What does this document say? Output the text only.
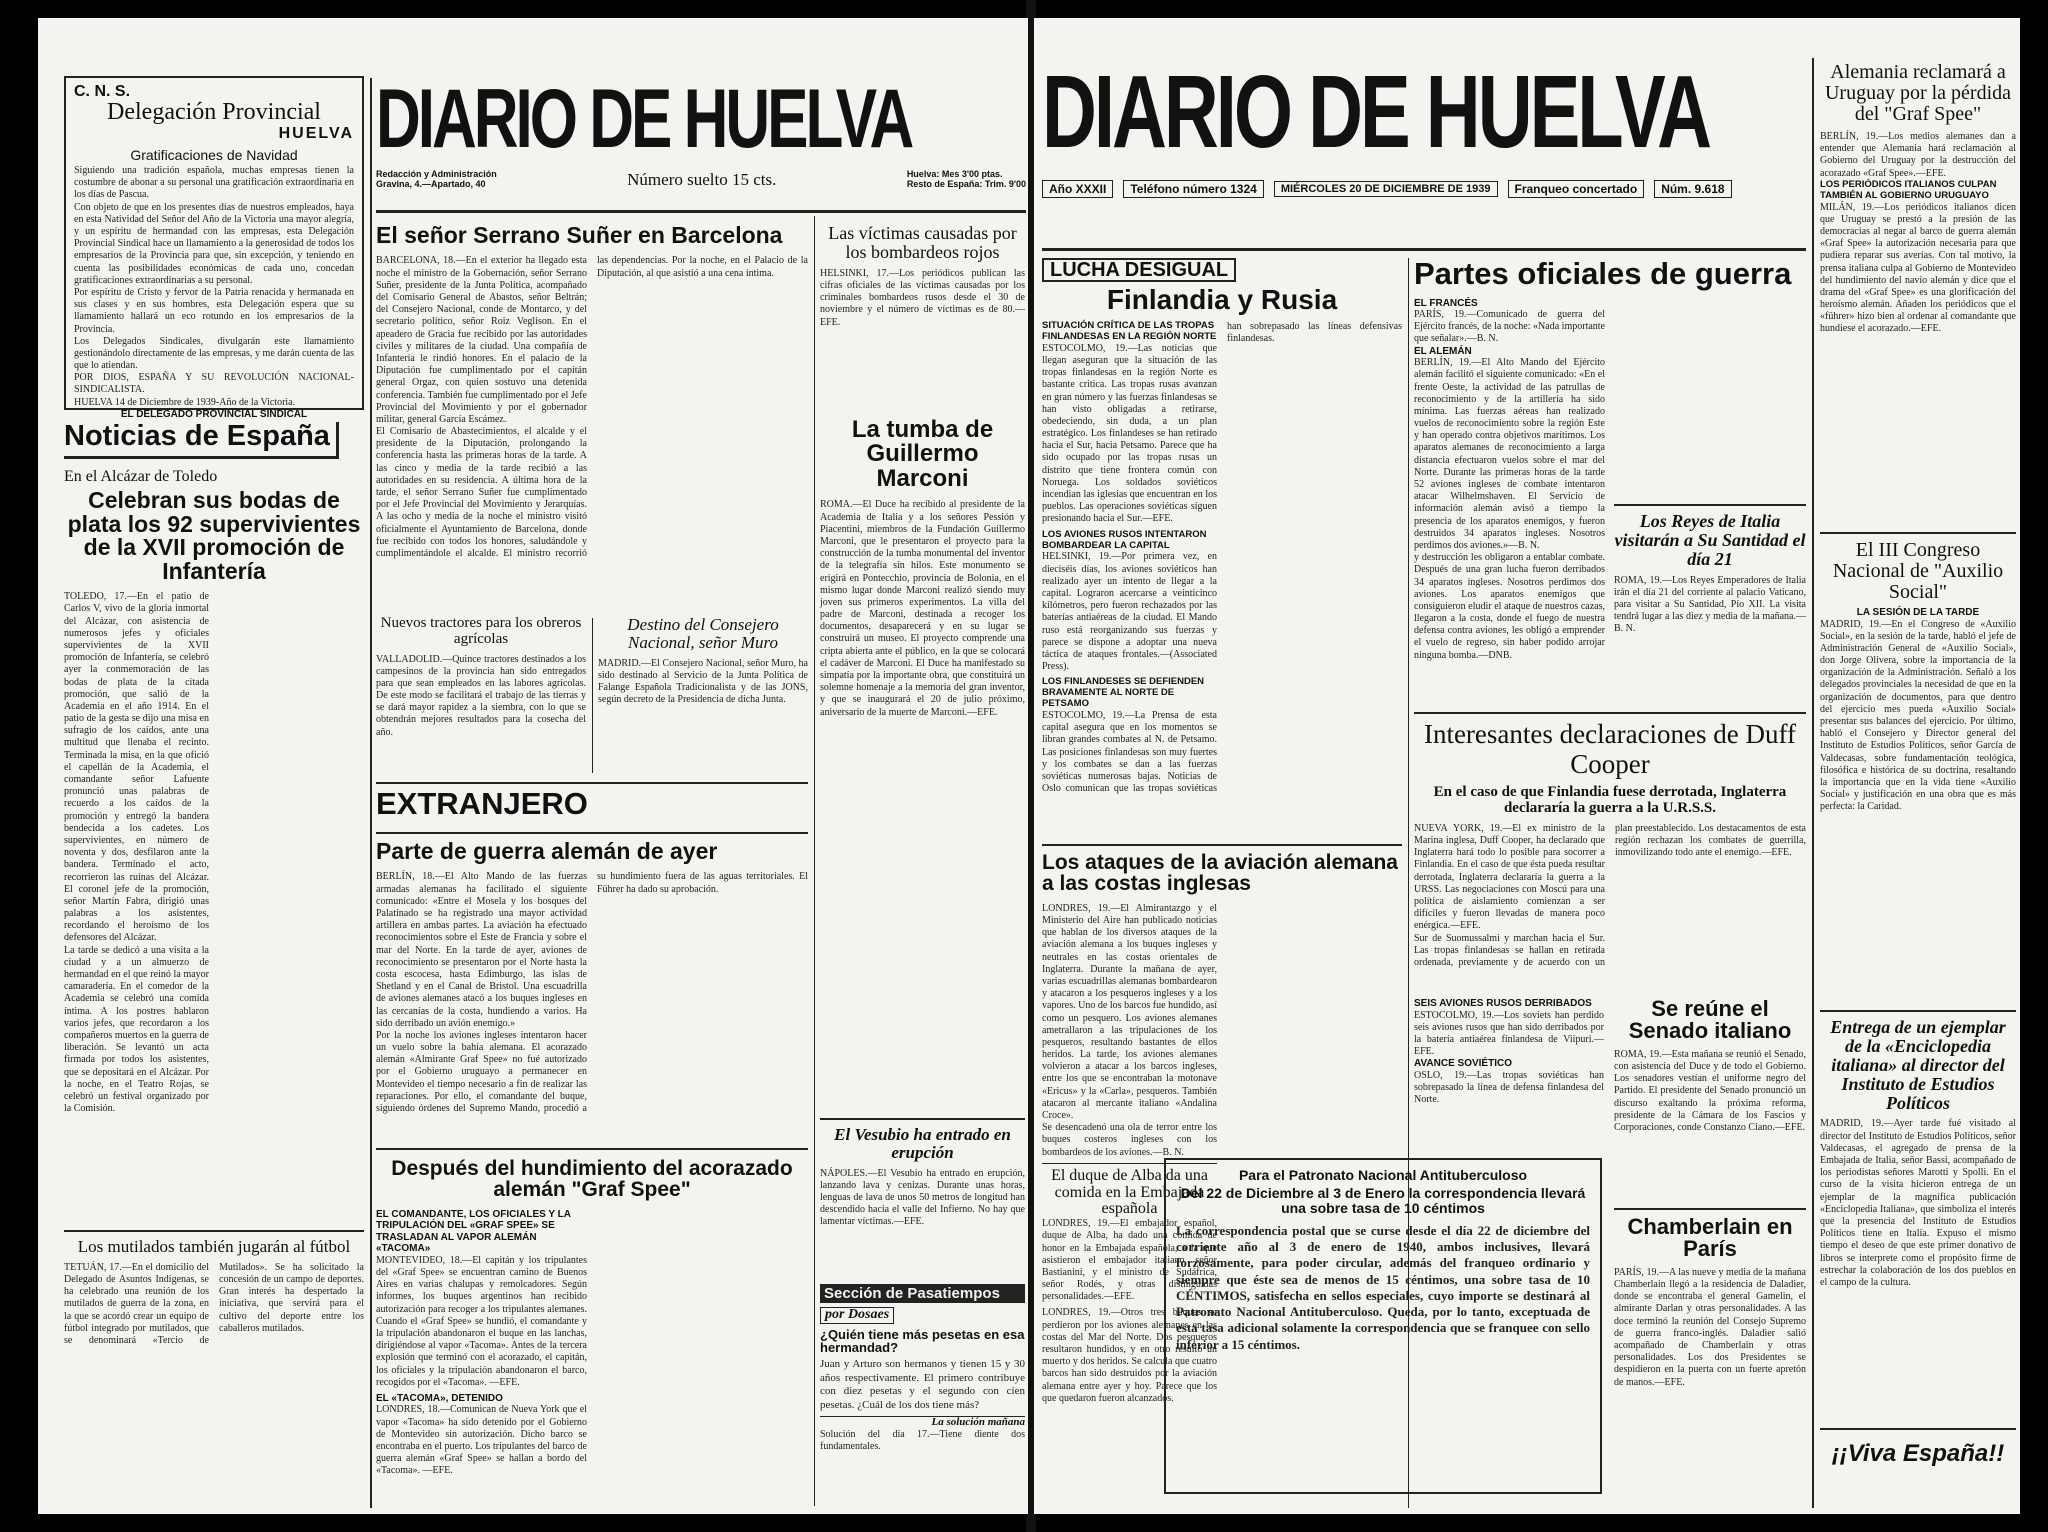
C. N. S.
Delegación Provincial
HUELVA
Gratificaciones de Navidad

Siguiendo una tradición española, muchas empresas tienen la costumbre de abonar a su personal una gratificación extraordinaria en los días de Pascua.

Con objeto de que en los presentes días de nuestros empleados, haya en esta Natividad del Señor del Año de la Victoria una mayor alegría, y un espíritu de hermandad con las empresas, esta Delegación Provincial Sindical hace un llamamiento a la generosidad de todos los empresarios de la Provincia para que, sin excepción, y teniendo en cuenta las posibilidades económicas de cada uno, concedan gratificaciones extraordinarias a su personal.

Por espíritu de Cristo y fervor de la Patria renacida y hermanada en sus clases y en sus hombres, esta Delegación espera que su llamamiento hallará un eco rotundo en los empresarios de la Provincia.

Los Delegados Sindicales, divulgarán este llamamiento gestionándolo directamente de las empresas, y me darán cuenta de las que lo atiendan.

POR DIOS, ESPAÑA Y SU REVOLUCIÓN NACIONAL-SINDICALISTA.

HUELVA 14 de Diciembre de 1939-Año de la Victoria.

EL DELEGADO PROVINCIAL SINDICAL

Noticias de España
En el Alcázar de Toledo
Celebran sus bodas de plata los 92 supervivientes de la XVII promoción de Infantería

TOLEDO, 17.—En el patio de Carlos V, vivo de la gloria inmortal del Alcázar, con asistencia de numerosos jefes y oficiales supervivientes de la XVII promoción de Infantería, se celebró ayer la conmemoración de las bodas de plata de la citada promoción, que salió de la Academia en el año 1914. En el patio de la gesta se dijo una misa en sufragio de los caídos, ante una multitud que llenaba el recinto. Terminada la misa, en la que ofició el capellán de la Academia, el comandante señor Lafuente pronunció unas palabras de recuerdo a los caídos de la promoción y entregó la bandera bendecida a los cadetes. Los supervivientes, en número de noventa y dos, desfilaron ante la bandera. Terminado el acto, recorrieron las ruinas del Alcázar. El coronel jefe de la promoción, señor Martín Fabra, dirigió unas palabras a los asistentes, recordando el heroísmo de los defensores del Alcázar.

La tarde se dedicó a una visita a la ciudad y a un almuerzo de hermandad en el que reinó la mayor camaradería. En el comedor de la Academia se celebró una comida íntima. A los postres hablaron varios jefes, que recordaron a los compañeros muertos en la guerra de liberación. Se levantó un acta firmada por todos los asistentes, que se depositará en el Alcázar. Por la noche, en el Teatro Rojas, se celebró un festival organizado por la Comisión.

DIARIO DE HUELVA
Redacción y Administración
Gravina, 4.—Apartado, 40	Número suelto 15 cts.	Huelva: Mes 3'00 ptas.
Resto de España: Trim. 9'00
El señor Serrano Suñer en Barcelona

BARCELONA, 18.—En el exterior ha llegado esta noche el ministro de la Gobernación, señor Serrano Suñer, presidente de la Junta Política, acompañado del Comisario General de Abastos, señor Beltrán; del Consejero Nacional, conde de Montarco, y del secretario político, señor Roiz Veglison. En el apeadero de Gracia fue recibido por las autoridades civiles y militares de la ciudad. Una compañía de Infantería le rindió honores. En el palacio de la Diputación fue cumplimentado por el capitán general Orgaz, con quien sostuvo una detenida conferencia. También fue cumplimentado por el Jefe Provincial del Movimiento y por el gobernador militar, general García Escámez.

El Comisario de Abastecimientos, el alcalde y el presidente de la Diputación, prolongando la conferencia hasta las primeras horas de la tarde. A las cinco y media de la tarde recibió a las autoridades en su residencia. A última hora de la tarde, el señor Serrano Suñer fue cumplimentado por el Jefe Provincial del Movimiento y Jerarquías. A las ocho y media de la noche el ministro visitó oficialmente el Ayuntamiento de Barcelona, donde fue recibido con todos los honores, saludándole y cumplimentándole el alcalde. El ministro recorrió las dependencias. Por la noche, en el Palacio de la Diputación, al que asistió a una cena íntima.

Las víctimas causadas por los bombardeos rojos

HELSINKI, 17.—Los periódicos publican las cifras oficiales de las víctimas causadas por los criminales bombardeos rusos desde el 30 de noviembre y el número de víctimas es de 80.—EFE.

La tumba de Guillermo Marconi

ROMA.—El Duce ha recibido al presidente de la Academia de Italia y a los señores Pessión y Piacentini, miembros de la Fundación Guillermo Marconi, que le presentaron el proyecto para la construcción de la tumba monumental del inventor de la telegrafía sin hilos. Este monumento se erigirá en Pontecchio, provincia de Bolonia, en el mismo lugar donde Marconi realizó siendo muy joven sus primeros experimentos. La villa del padre de Marconi, destinada a recoger los documentos, desaparecerá y en su lugar se construirá un museo. El proyecto comprende una cripta abierta ante el público, en la que se colocará el cadáver de Marconi. El Duce ha manifestado su simpatía por la importante obra, que constituirá un solemne homenaje a la memoria del gran inventor, y que se inaugurará el 20 de julio próximo, aniversario de la muerte de Marconi.—EFE.

Nuevos tractores para los obreros agrícolas

VALLADOLID.—Quince tractores destinados a los campesinos de la provincia han sido entregados para que sean empleados en las labores agrícolas. De este modo se facilitará el trabajo de las tierras y se dará mayor rapidez a la siembra, con lo que se obtendrán mejores resultados para la cosecha del año.

Destino del Consejero Nacional, señor Muro

MADRID.—El Consejero Nacional, señor Muro, ha sido destinado al Servicio de la Junta Política de Falange Española Tradicionalista y de las JONS, según decreto de la Presidencia de dicha Junta.

EXTRANJERO
Parte de guerra alemán de ayer

BERLÍN, 18.—El Alto Mando de las fuerzas armadas alemanas ha facilitado el siguiente comunicado: «Entre el Mosela y los bosques del Palatinado se ha registrado una mayor actividad artillera en ambas partes. La aviación ha efectuado reconocimientos sobre el Este de Francia y sobre el mar del Norte. En la tarde de ayer, aviones de reconocimiento se presentaron por el Norte hasta la costa escocesa, hasta Edimburgo, las islas de Shetland y en el Canal de Bristol. Una escuadrilla de aviones alemanes atacó a los buques ingleses en las cercanías de la costa, hundiendo a varios. Ha sido derribado un avión enemigo.»

Por la noche los aviones ingleses intentaron hacer un vuelo sobre la bahía alemana. El acorazado alemán «Almirante Graf Spee» no fué autorizado por el Gobierno uruguayo a permanecer en Montevideo el tiempo necesario a fin de realizar las reparaciones. Por ello, el comandante del buque, siguiendo órdenes del Supremo Mando, procedió a su hundimiento fuera de las aguas territoriales. El Führer ha dado su aprobación.

El Vesubio ha entrado en erupción

NÁPOLES.—El Vesubio ha entrado en erupción, lanzando lava y cenizas. Durante unas horas, lenguas de lava de unos 50 metros de longitud han descendido hacia el valle del Infierno. No hay que lamentar víctimas.—EFE.

Los mutilados también jugarán al fútbol

TETUÁN, 17.—En el domicilio del Delegado de Asuntos Indígenas, se ha celebrado una reunión de los mutilados de guerra de la zona, en la que se acordó crear un equipo de fútbol integrado por mutilados, que se denominará «Tercio de Mutilados». Se ha solicitado la concesión de un campo de deportes. Gran interés ha despertado la iniciativa, que servirá para el cultivo del deporte entre los caballeros mutilados.

Después del hundimiento del acorazado alemán "Graf Spee"

EL COMANDANTE, LOS OFICIALES Y LA TRIPULACIÓN DEL «GRAF SPEE» SE TRASLADAN AL VAPOR ALEMÁN «TACOMA»

MONTEVIDEO, 18.—El capitán y los tripulantes del «Graf Spee» se encuentran camino de Buenos Aires en varias chalupas y remolcadores. Según informes, los buques argentinos han recibido autorización para recoger a los tripulantes alemanes. Cuando el «Graf Spee» se hundió, el comandante y la tripulación abandonaron el buque en las lanchas, dirigiéndose al vapor «Tacoma». Antes de la tercera explosión que terminó con el acorazado, el capitán, los oficiales y la tripulación abandonaron el barco, recogidos por el «Tacoma». —EFE.

EL «TACOMA», DETENIDO

LONDRES, 18.—Comunican de Nueva York que el vapor «Tacoma» ha sido detenido por el Gobierno de Montevideo sin autorización. Dicho barco se encontraba en el puerto. Los tripulantes del barco de guerra alemán «Graf Spee» se hallan a bordo del «Tacoma». —EFE.

Sección de Pasatiempos
por Dosaes
¿Quién tiene más pesetas en esa hermandad?

Juan y Arturo son hermanos y tienen 15 y 30 años respectivamente. El primero contribuye con diez pesetas y el segundo con cien pesetas. ¿Cuál de los dos tiene más?

La solución mañana

Solución del día 17.—Tiene diente dos fundamentales.

DIARIO DE HUELVA
Año XXXII	Teléfono número 1324	MIÉRCOLES 20 DE DICIEMBRE DE 1939	Franqueo concertado	Núm. 9.618
Alemania reclamará a Uruguay por la pérdida del "Graf Spee"

BERLÍN, 19.—Los medios alemanes dan a entender que Alemania hará reclamación al Gobierno del Uruguay por la destrucción del acorazado «Graf Spee».—EFE.

LOS PERIÓDICOS ITALIANOS CULPAN TAMBIÉN AL GOBIERNO URUGUAYO

MILÁN, 19.—Los periódicos italianos dicen que Uruguay se prestó a la presión de las democracias al negar al barco de guerra alemán «Graf Spee» la autorización necesaria para que pudiera reparar sus averías. Con tal motivo, la prensa italiana culpa al Gobierno de Montevideo del hundimiento del navío alemán y dice que el drama del «Graf Spee» es una glorificación del heroísmo alemán. Añaden los periódicos que el «führer» hizo bien al ordenar al comandante que hundiese el acorazado.—EFE.

El III Congreso Nacional de "Auxilio Social"

LA SESIÓN DE LA TARDE

MADRID, 19.—En el Congreso de «Auxilio Social», en la sesión de la tarde, habló el jefe de Administración General de «Auxilio Social», don Jorge Olivera, sobre la importancia de la organización de la Administración. Señaló a los delegados provinciales la necesidad de que en la organización de documentos, para que dentro del ejercicio mes pueda «Auxilio Social» presentar sus balances del ejercicio. Por último, habló el Consejero y Director general del Instituto de Estudios Políticos, señor García de Valdecasas, sobre fundamentación teológica, filosófica e histórica de su doctrina, resaltando la importancia que en la vida tiene «Auxilio Social» y justificación en una obra que es más perfecta: la Caridad.

Entrega de un ejemplar de la «Enciclopedia italiana» al director del Instituto de Estudios Políticos

MADRID, 19.—Ayer tarde fué visitado al director del Instituto de Estudios Políticos, señor Valdecasas, el agregado de prensa de la Embajada de Italia, señor Bassi, acompañado de los periodistas señores Marotti y Spolli. En el curso de la visita hicieron entrega de un ejemplar de la magnífica publicación «Enciclopedia Italiana», que simboliza el interés que la presencia del Instituto de Estudios Políticos tiene en Italia. Expuso el mismo tiempo el deseo de que este primer donativo de libros se interprete como el propósito firme de estrechar la colaboración de los dos pueblos en el campo de la cultura.

¡¡Viva España!!
LUCHA DESIGUAL
Finlandia y Rusia

SITUACIÓN CRÍTICA DE LAS TROPAS FINLANDESAS EN LA REGIÓN NORTE

ESTOCOLMO, 19.—Las noticias que llegan aseguran que la situación de las tropas finlandesas en la región Norte es bastante crítica. Las tropas rusas avanzan en gran número y las fuerzas finlandesas se han visto obligadas a retirarse, obedeciendo, sin duda, a un plan estratégico. Los finlandeses se han retirado hacia el Sur, hacia Petsamo. Parece que ha sido ocupado por las tropas rusas un distrito que tiene frontera común con Noruega. Los soldados soviéticos incendian las iglesias que encuentran en los pueblos. Las operaciones soviéticas siguen presionando hacia el Sur.—EFE.

LOS AVIONES RUSOS INTENTARON BOMBARDEAR LA CAPITAL

HELSINKI, 19.—Por primera vez, en dieciséis días, los aviones soviéticos han realizado ayer un intento de llegar a la capital. Lograron acercarse a veinticinco kilómetros, pero fueron rechazados por las baterías antiaéreas de la ciudad. El Mando ruso está reorganizando sus fuerzas y parece se dispone a adoptar una nueva táctica de ataques frontales.—(Associated Press).

LOS FINLANDESES SE DEFIENDEN BRAVAMENTE AL NORTE DE PETSAMO

ESTOCOLMO, 19.—La Prensa de esta capital asegura que en los momentos se libran grandes combates al N. de Petsamo. Las posiciones finlandesas son muy fuertes y los combates se dan a las fuerzas soviéticas numerosas bajas. Noticias de Oslo comunican que las tropas soviéticas han sobrepasado las líneas defensivas finlandesas.

Partes oficiales de guerra

EL FRANCÉS

PARÍS, 19.—Comunicado de guerra del Ejército francés, de la noche: «Nada importante que señalar».—B. N.

EL ALEMÁN

BERLÍN, 19.—El Alto Mando del Ejército alemán facilitó el siguiente comunicado: «En el frente Oeste, la actividad de las patrullas de reconocimiento y de la artillería ha sido mínima. Las fuerzas aéreas han realizado vuelos de reconocimiento sobre la región Este y han operado contra objetivos marítimos. Los aparatos alemanes de reconocimiento a larga distancia efectuaron vuelos sobre el mar del Norte. Durante las primeras horas de la tarde 52 aviones ingleses de combate intentaron atacar Wilhelmshaven. El Servicio de información alemán avisó a tiempo la presencia de los aparatos enemigos, y fueron destruidos 34 aparatos ingleses. Nosotros perdimos dos aviones.»—B. N.

y destrucción les obligaron a entablar combate. Después de una gran lucha fueron derribados 34 aparatos ingleses. Nosotros perdimos dos aviones. Los aparatos enemigos que consiguieron eludir el ataque de nuestros cazas, llegaron a la costa, donde el fuego de nuestra defensa contra aviones, les obligó a emprender el vuelo de regreso, sin haber podido arrojar ninguna bomba.—DNB.

Los Reyes de Italia visitarán a Su Santidad el día 21

ROMA, 19.—Los Reyes Emperadores de Italia irán el día 21 del corriente al palacio Vaticano, para visitar a Su Santidad, Pío XII. La visita tendrá lugar a las diez y media de la mañana.—B. N.

Interesantes declaraciones de Duff Cooper
En el caso de que Finlandia fuese derrotada, Inglaterra declararía la guerra a la U.R.S.S.

NUEVA YORK, 19.—El ex ministro de la Marina inglesa, Duff Cooper, ha declarado que Inglaterra hará todo lo posible para socorrer a Finlandia. En el caso de que ésta pueda resultar derrotada, Inglaterra declararía la guerra a la URSS. Las negociaciones con Moscú para una política de aislamiento comienzan a ser difíciles y fueron llevadas de manera poco enérgica.—EFE.

Sur de Suomussalmi y marchan hacia el Sur. Las tropas finlandesas se hallan en retirada ordenada, previamente y de acuerdo con un plan preestablecido. Los destacamentos de esta región rechazan los combates de guerrilla, inmovilizando todo ante el enemigo.—EFE.

SEIS AVIONES RUSOS DERRIBADOS

ESTOCOLMO, 19.—Los soviets han perdido seis aviones rusos que han sido derribados por la batería antiaérea finlandesa de Viipuri.—EFE.

AVANCE SOVIÉTICO

OSLO, 19.—Las tropas soviéticas han sobrepasado la línea de defensa finlandesa del Norte.

Se reúne el Senado italiano

ROMA, 19.—Esta mañana se reunió el Senado, con asistencia del Duce y de todo el Gobierno. Los senadores vestían el uniforme negro del Partido. El presidente del Senado pronunció un discurso exaltando la próxima reforma, presidente de la Cámara de los Fascios y Corporaciones, conde Constanzo Ciano.—EFE.

Los ataques de la aviación alemana a las costas inglesas

LONDRES, 19.—El Almirantazgo y el Ministerio del Aire han publicado noticias que hablan de los diversos ataques de la aviación alemana a los buques ingleses y neutrales en las costas orientales de Inglaterra. Durante la mañana de ayer, varias escuadrillas alemanas bombardearon y atacaron a los pesqueros ingleses y a los vapores. Uno de los barcos fue hundido, así como un pesquero. Los aviones alemanes ametrallaron a las tripulaciones de los pesqueros, resultando bastantes de ellos heridos. La tarde, los aviones alemanes volvieron a atacar a los barcos ingleses, entre los que se encontraban la motonave «Ericus» y la «Carla», pesqueros. También atacaron al mercante italiano «Andalina Croce».

Se desencadenó una ola de terror entre los buques costeros ingleses con los bombardeos de los aviones.—B. N.

El duque de Alba da una comida en la Embajada española

LONDRES, 19.—El embajador español, duque de Alba, ha dado una comida de honor en la Embajada española, a la que asistieron el embajador italiano, señor Bastianini, y el ministro de Sudáfrica, señor Rodés, y otras distinguidas personalidades.—EFE.

LONDRES, 19.—Otros tres buques se perdieron por los aviones alemanes en las costas del Mar del Norte. Dos pesqueros resultaron hundidos, y en otro resultó un muerto y dos heridos. Se calcula que cuatro barcos han sido destruidos por la aviación alemana entre ayer y hoy. Parece que los que quedaron fueron alcanzados.

Para el Patronato Nacional Antituberculoso
Del 22 de Diciembre al 3 de Enero la correspondencia llevará una sobre tasa de 10 céntimos

La correspondencia postal que se curse desde el día 22 de diciembre del corriente año al 3 de enero de 1940, ambos inclusives, llevará forzosamente, para poder circular, además del franqueo ordinario y siempre que éste sea de menos de 15 céntimos, una sobre tasa de 10 CÉNTIMOS, satisfecha en sellos especiales, cuyo importe se destinará al Patronato Nacional Antituberculoso. Queda, por lo tanto, exceptuada de esta tasa adicional solamente la correspondencia que se franquee con sello inferior a 15 céntimos.

Chamberlain en París

PARÍS, 19.—A las nueve y media de la mañana Chamberlain llegó a la residencia de Daladier, donde se encontraba el general Gamelin, el almirante Darlan y otras personalidades. A las doce terminó la reunión del Consejo Supremo de guerra franco-inglés. Daladier salió acompañado de Chamberlain y otras personalidades. Los dos Presidentes se despidieron en la puerta con un fuerte apretón de manos.—EFE.
